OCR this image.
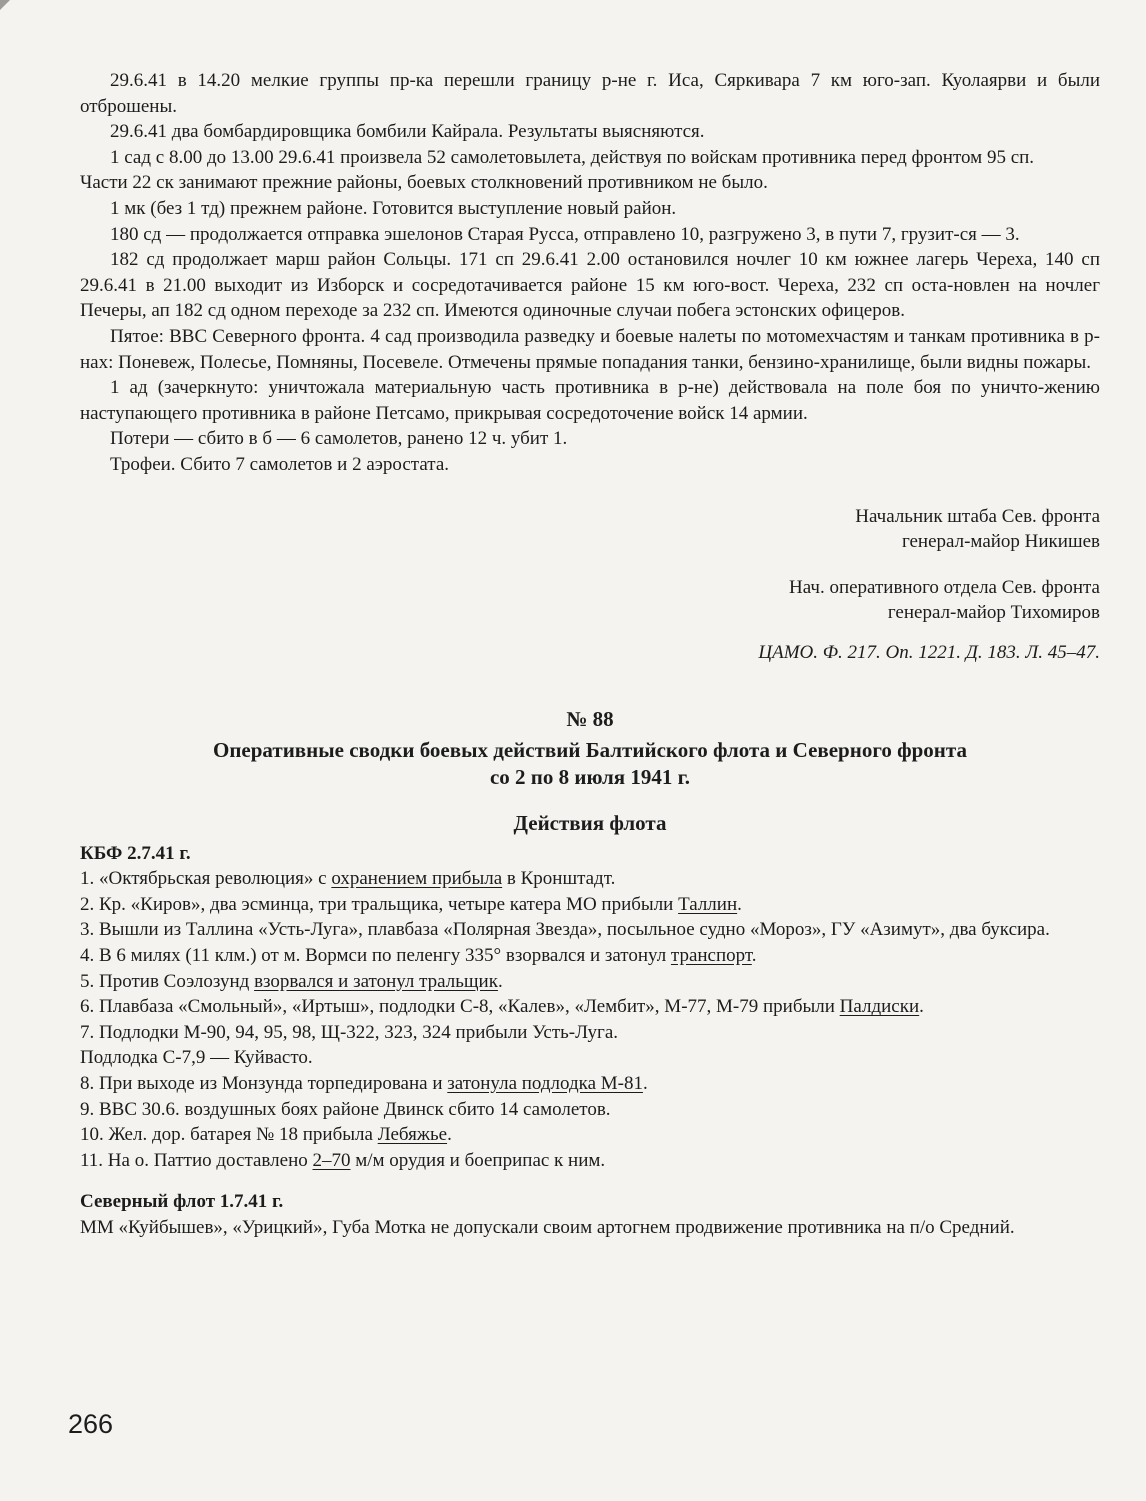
29.6.41 в 14.20 мелкие группы пр-ка перешли границу р-не г. Иса, Сяркивара 7 км юго-зап. Куолаярви и были отброшены.

29.6.41 два бомбардировщика бомбили Кайрала. Результаты выясняются.

1 сад с 8.00 до 13.00 29.6.41 произвела 52 самолетовылета, действуя по войскам противника перед фронтом 95 сп.

Части 22 ск занимают прежние районы, боевых столкновений противником не было.

1 мк (без 1 тд) прежнем районе. Готовится выступление новый район.

180 сд — продолжается отправка эшелонов Старая Русса, отправлено 10, разгружено 3, в пути 7, грузит-ся — 3.

182 сд продолжает марш район Сольцы. 171 сп 29.6.41 2.00 остановился ночлег 10 км южнее лагерь Череха, 140 сп 29.6.41 в 21.00 выходит из Изборск и сосредотачивается районе 15 км юго-вост. Череха, 232 сп оста-новлен на ночлег Печеры, ап 182 сд одном переходе за 232 сп. Имеются одиночные случаи побега эстонских офицеров.

Пятое: ВВС Северного фронта. 4 сад производила разведку и боевые налеты по мотомехчастям и танкам противника в р-нах: Поневеж, Полесье, Помняны, Посевеле. Отмечены прямые попадания танки, бензино-хранилище, были видны пожары.

1 ад (зачеркнуто: уничтожала материальную часть противника в р-не) действовала на поле боя по уничто-жению наступающего противника в районе Петсамо, прикрывая сосредоточение войск 14 армии.

Потери — сбито в б — 6 самолетов, ранено 12 ч. убит 1.

Трофеи. Сбито 7 самолетов и 2 аэростата.

Начальник штаба Сев. фронта

генерал-майор Никишев

Нач. оперативного отдела Сев. фронта

генерал-майор Тихомиров

ЦАМО. Ф. 217. Оп. 1221. Д. 183. Л. 45–47.

№ 88
Оперативные сводки боевых действий Балтийского флота и Северного фронта
со 2 по 8 июля 1941 г.
Действия флота

КБФ 2.7.41 г.

1. «Октябрьская революция» с охранением прибыла в Кронштадт.

2. Кр. «Киров», два эсминца, три тральщика, четыре катера МО прибыли Таллин.

3. Вышли из Таллина «Усть-Луга», плавбаза «Полярная Звезда», посыльное судно «Мороз», ГУ «Азимут», два буксира.

4. В 6 милях (11 клм.) от м. Вормси по пеленгу 335° взорвался и затонул транспорт.

5. Против Соэлозунд взорвался и затонул тральщик.

6. Плавбаза «Смольный», «Иртыш», подлодки С-8, «Калев», «Лембит», М-77, М-79 прибыли Палдиски.

7. Подлодки М-90, 94, 95, 98, Щ-322, 323, 324 прибыли Усть-Луга.

Подлодка С-7,9 — Куйвасто.

8. При выходе из Монзунда торпедирована и затонула подлодка М-81.

9. ВВС 30.6. воздушных боях районе Двинск сбито 14 самолетов.

10. Жел. дор. батарея № 18 прибыла Лебяжье.

11. На о. Паттио доставлено 2–70 м/м орудия и боеприпас к ним.

Северный флот 1.7.41 г.

ММ «Куйбышев», «Урицкий», Губа Мотка не допускали своим артогнем продвижение противника на п/о Средний.

266
